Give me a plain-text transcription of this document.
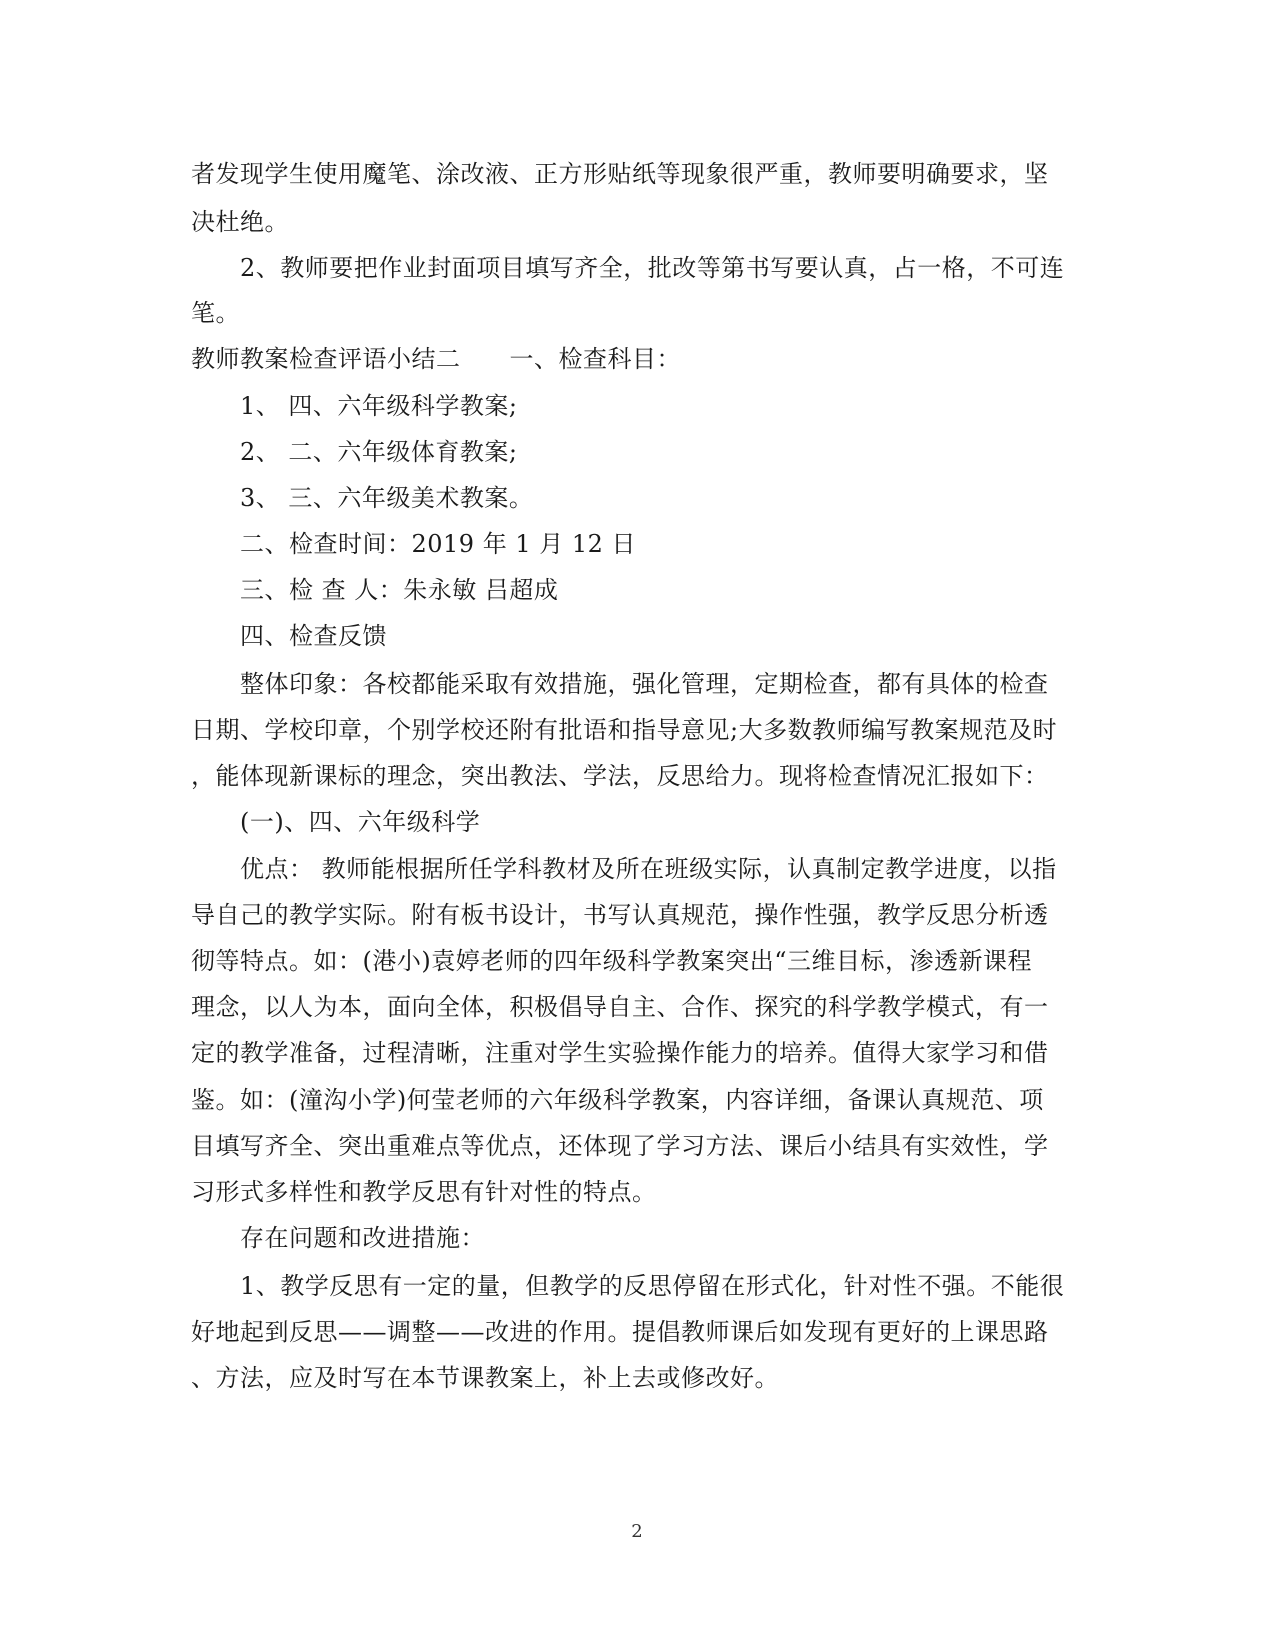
者发现学生使用魔笔、涂改液、正方形贴纸等现象很严重，教师要明确要求，坚
决杜绝。
2、教师要把作业封面项目填写齐全，批改等第书写要认真，占一格，不可连
笔。
教师教案检查评语小结二　　一、检查科目：
1、 四、六年级科学教案;
2、 二、六年级体育教案;
3、 三、六年级美术教案。
二、检查时间：2019 年 1 月 12 日
三、检 查 人：朱永敏 吕超成
四、检查反馈
整体印象：各校都能采取有效措施，强化管理，定期检查，都有具体的检查
日期、学校印章，个别学校还附有批语和指导意见;大多数教师编写教案规范及时
，能体现新课标的理念，突出教法、学法，反思给力。现将检查情况汇报如下：
(一)、四、六年级科学
优点： 教师能根据所任学科教材及所在班级实际，认真制定教学进度，以指
导自己的教学实际。附有板书设计，书写认真规范，操作性强，教学反思分析透
彻等特点。如：(港小)袁婷老师的四年级科学教案突出“三维目标，渗透新课程
理念，以人为本，面向全体，积极倡导自主、合作、探究的科学教学模式，有一
定的教学准备，过程清晰，注重对学生实验操作能力的培养。值得大家学习和借
鉴。如：(潼沟小学)何莹老师的六年级科学教案，内容详细，备课认真规范、项
目填写齐全、突出重难点等优点，还体现了学习方法、课后小结具有实效性，学
习形式多样性和教学反思有针对性的特点。
存在问题和改进措施：
1、教学反思有一定的量，但教学的反思停留在形式化，针对性不强。不能很
好地起到反思——调整——改进的作用。提倡教师课后如发现有更好的上课思路
、方法，应及时写在本节课教案上，补上去或修改好。
2
